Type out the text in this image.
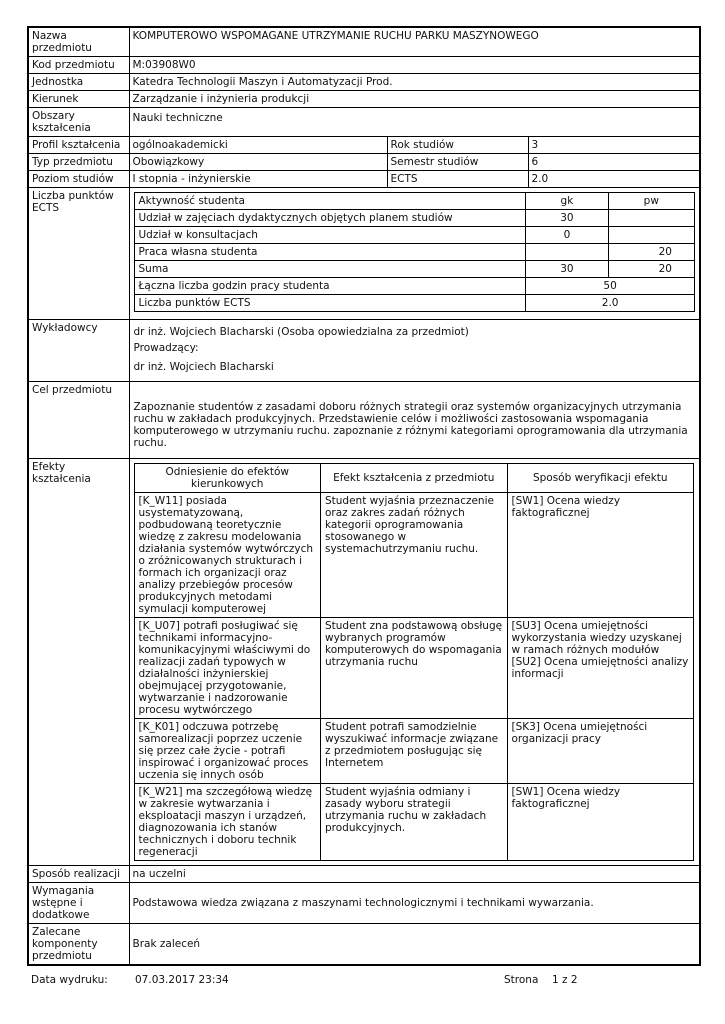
Nazwa przedmiotu	KOMPUTEROWO WSPOMAGANE UTRZYMANIE RUCHU PARKU MASZYNOWEGO
Kod przedmiotu	M:03908W0
Jednostka	Katedra Technologii Maszyn i Automatyzacji Prod.
Kierunek	Zarządzanie i inżynieria produkcji
Obszary kształcenia	Nauki techniczne
Profil kształcenia	ogólnoakademicki	Rok studiów	3
Typ przedmiotu	Obowiązkowy	Semestr studiów	6
Poziom studiów	I stopnia - inżynierskie	ECTS	2.0
Liczba punktów ECTS	
Aktywność studenta	gk	pw
Udział w zajęciach dydaktycznych objętych planem studiów	30	
Udział w konsultacjach	0	
Praca własna studenta		20
Suma	30	20
Łączna liczba godzin pracy studenta	50
Liczba punktów ECTS	2.0

Wykładowcy	dr inż. Wojciech Blacharski (Osoba opowiedzialna za przedmiot)
Prowadzący:
dr inż. Wojciech Blacharski

Cel przedmiotu	Zapoznanie studentów z zasadami doboru różnych strategii oraz systemów organizacyjnych utrzymania ruchu w zakładach produkcyjnych. Przedstawienie celów i możliwości zastosowania wspomagania komputerowego w utrzymaniu ruchu. zapoznanie z różnymi kategoriami oprogramowania dla utrzymania ruchu.
Efekty kształcenia	
Odniesienie do efektów kierunkowych	Efekt kształcenia z przedmiotu	Sposób weryfikacji efektu
[K_W11] posiada usystematyzowaną, podbudowaną teoretycznie wiedzę z zakresu modelowania działania systemów wytwórczych o zróżnicowanych strukturach i formach ich organizacji oraz analizy przebiegów procesów produkcyjnych metodami symulacji komputerowej	Student wyjaśnia przeznaczenie oraz zakres zadań różnych kategorii oprogramowania stosowanego w systemachutrzymaniu ruchu.	[SW1] Ocena wiedzy faktograficznej
[K_U07] potrafi posługiwać się technikami informacyjno-komunikacyjnymi właściwymi do realizacji zadań typowych w działalności inżynierskiej obejmującej przygotowanie, wytwarzanie i nadzorowanie procesu wytwórczego	Student zna podstawową obsługę wybranych programów komputerowych do wspomagania utrzymania ruchu	[SU3] Ocena umiejętności wykorzystania wiedzy uzyskanej w ramach różnych modułów [SU2] Ocena umiejętności analizy informacji
[K_K01] odczuwa potrzebę samorealizacji poprzez uczenie się przez całe życie - potrafi inspirować i organizować proces uczenia się innych osób	Student potrafi samodzielnie wyszukiwać informacje związane z przedmiotem posługując się Internetem	[SK3] Ocena umiejętności organizacji pracy
[K_W21] ma szczegółową wiedzę w zakresie wytwarzania i eksploatacji maszyn i urządzeń, diagnozowania ich stanów technicznych i doboru technik regeneracji	Student wyjaśnia odmiany i zasady wyboru strategii utrzymania ruchu w zakładach produkcyjnych.	[SW1] Ocena wiedzy faktograficznej

Sposób realizacji	na uczelni
Wymagania wstępne i dodatkowe	Podstawowa wiedza związana z maszynami technologicznymi i technikami wywarzania.
Zalecane komponenty przedmiotu	Brak zaleceń
Data wydruku:	07.03.2017 23:34	Strona 1 z 2
